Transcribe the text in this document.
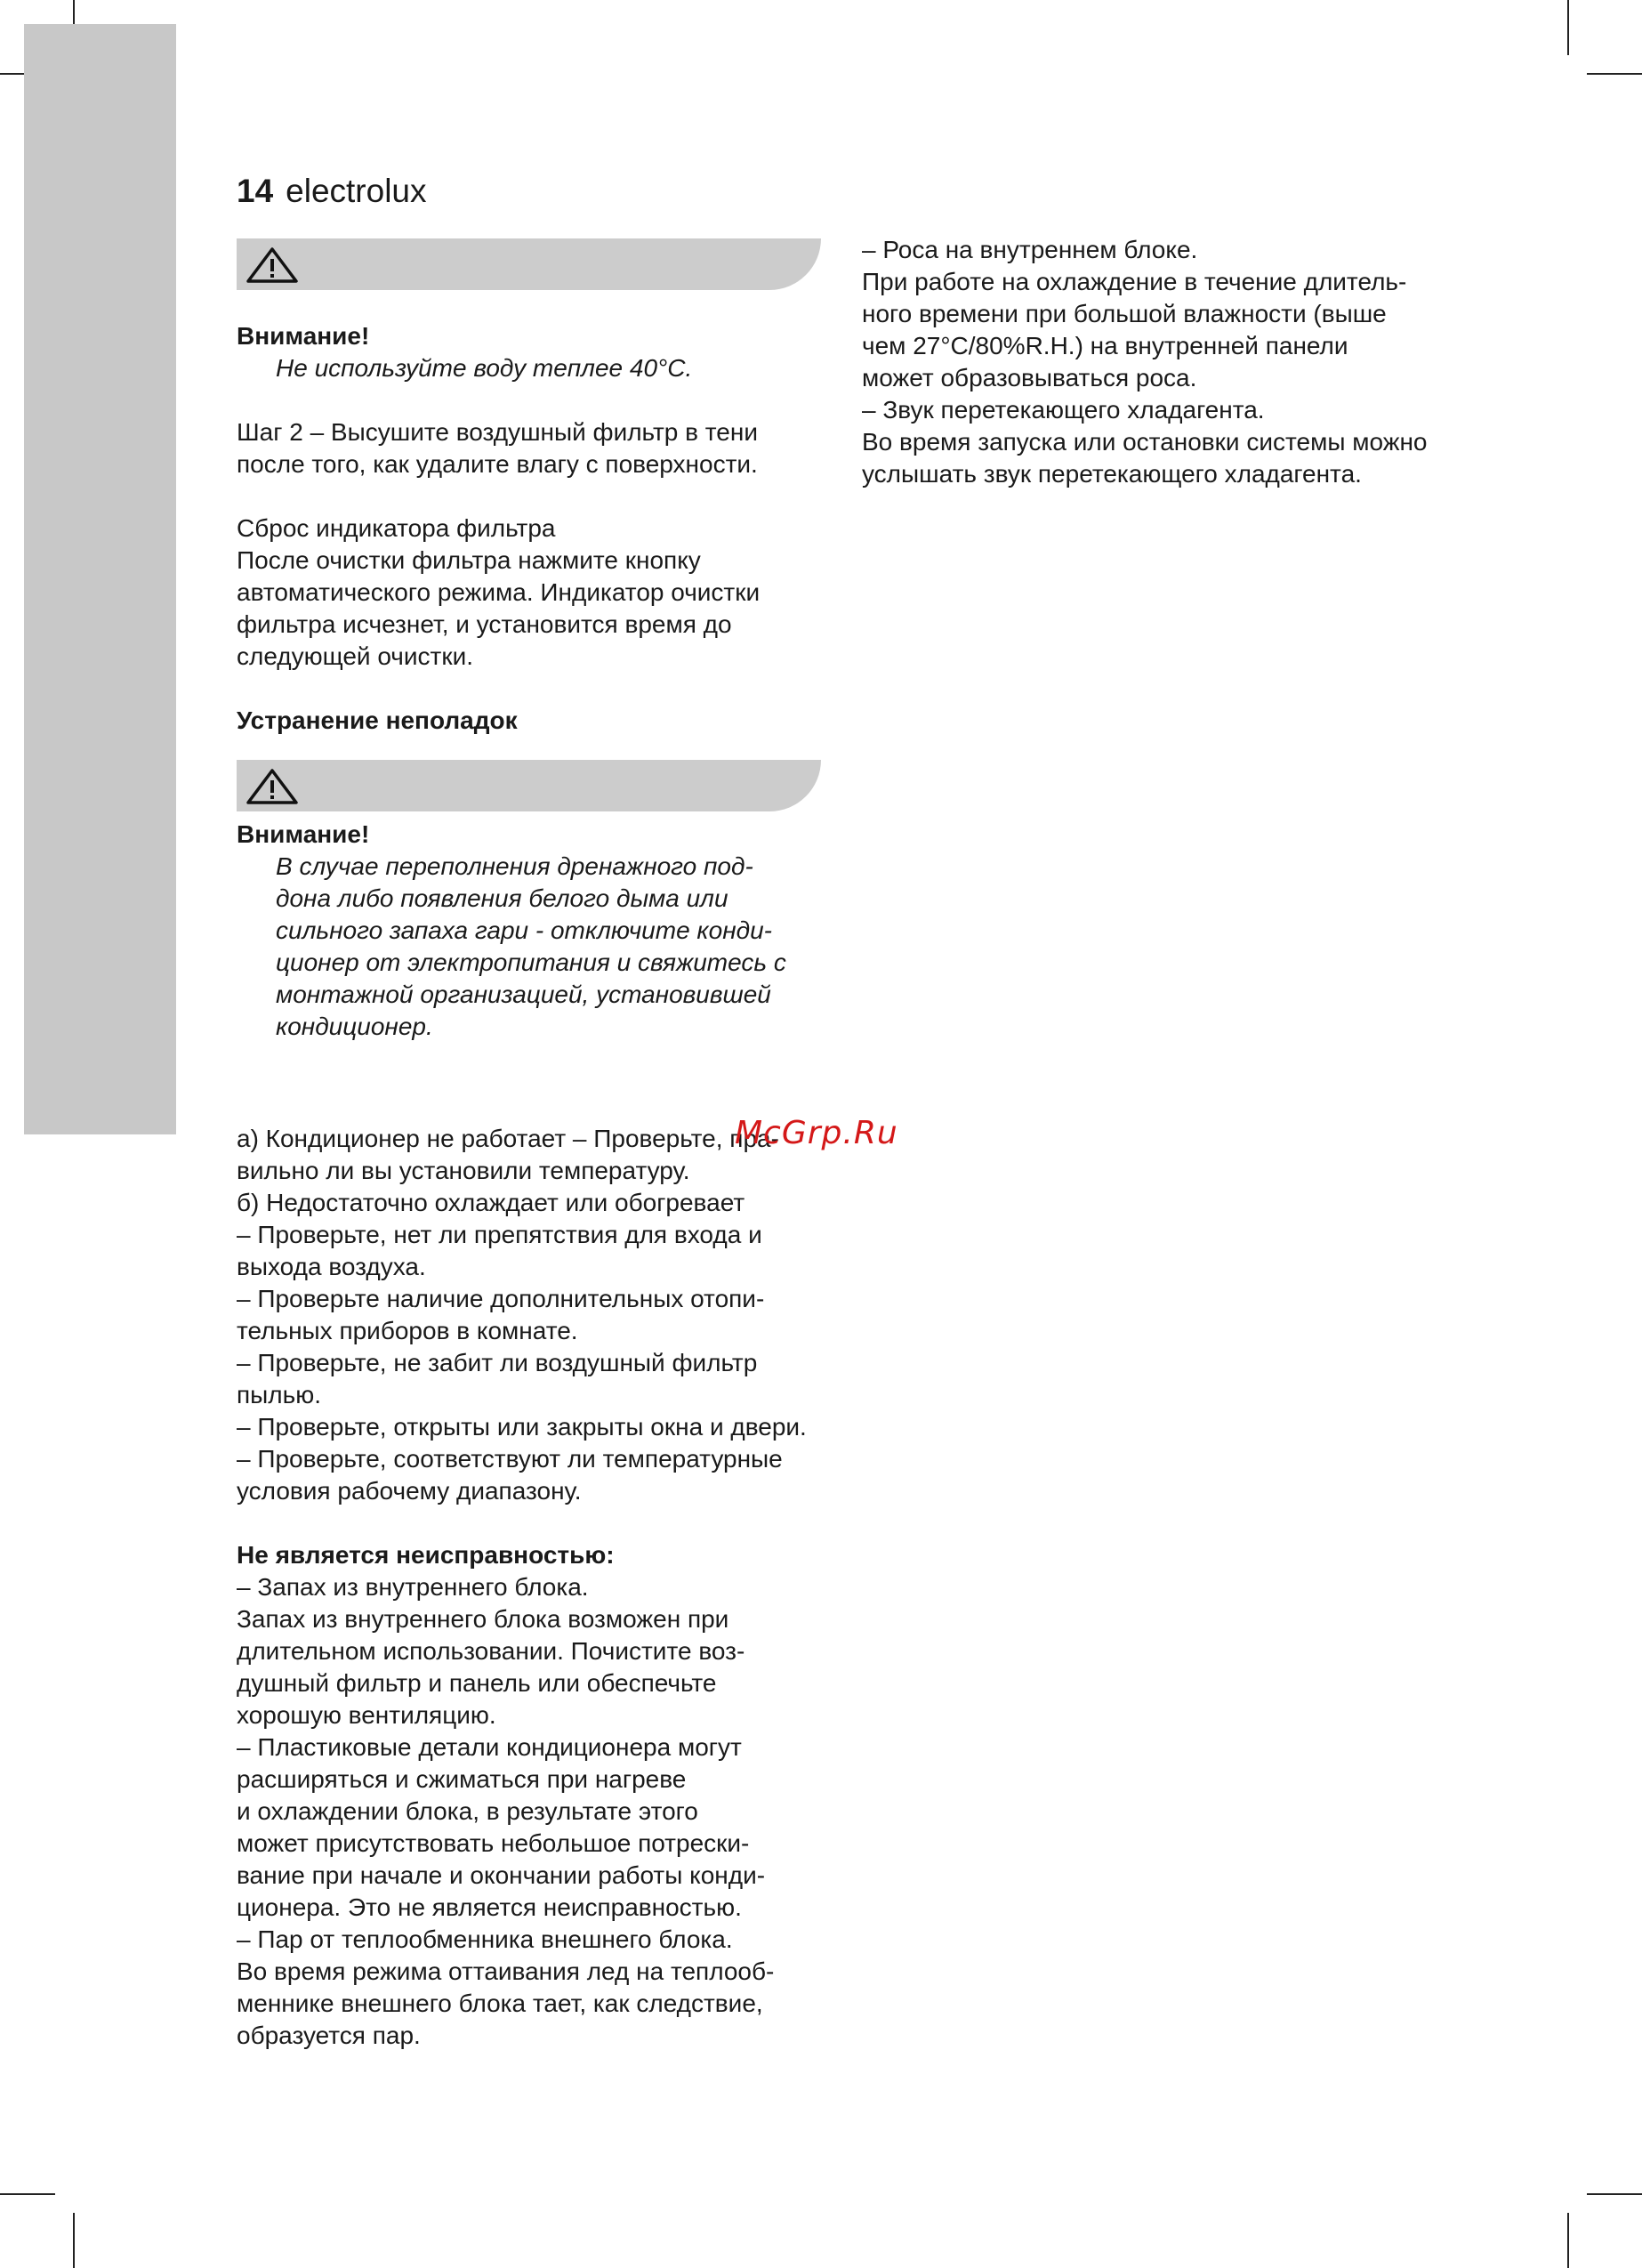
14 electrolux

Внимание!

Не используйте воду теплее 40°C.

Шаг 2 – Высушите воздушный фильтр в тени

после того, как удалите влагу с поверхности.

Сброс индикатора фильтра

После очистки фильтра нажмите кнопку

автоматического режима. Индикатор очистки

фильтра исчезнет, и установится время до

следующей очистки.

Устранение неполадок

Внимание!

В случае переполнения дренажного под-

дона либо появления белого дыма или

сильного запаха гари - отключите конди-

ционер от электропитания и свяжитесь с

монтажной организацией, установившей

кондиционер.

а) Кондиционер не работает – Проверьте, пра-

вильно ли вы установили температуру.

б) Недостаточно охлаждает или обогревает

– Проверьте, нет ли препятствия для входа и

выхода воздуха.

– Проверьте наличие дополнительных отопи-

тельных приборов в комнате.

– Проверьте, не забит ли воздушный фильтр

пылью.

– Проверьте, открыты или закрыты окна и двери.

– Проверьте, соответствуют ли температурные

условия рабочему диапазону.

Не является неисправностью:

– Запах из внутреннего блока.

Запах из внутреннего блока возможен при

длительном использовании. Почистите воз-

душный фильтр и панель или обеспечьте

хорошую вентиляцию.

– Пластиковые детали кондиционера могут

расширяться и сжиматься при нагреве

и охлаждении блока, в результате этого

может присутствовать небольшое потрески-

вание при начале и окончании работы конди-

ционера. Это не является неисправностью.

– Пар от теплообменника внешнего блока.

Во время режима оттаивания лед на теплооб-

меннике внешнего блока тает, как следствие,

образуется пар.

– Роса на внутреннем блоке.

При работе на охлаждение в течение длитель-

ного времени при большой влажности (выше

чем 27°C/80%R.H.) на внутренней панели

может образовываться роса.

– Звук перетекающего хладагента.

Во время запуска или остановки системы можно

услышать звук перетекающего хладагента.

McGrp.Ru
